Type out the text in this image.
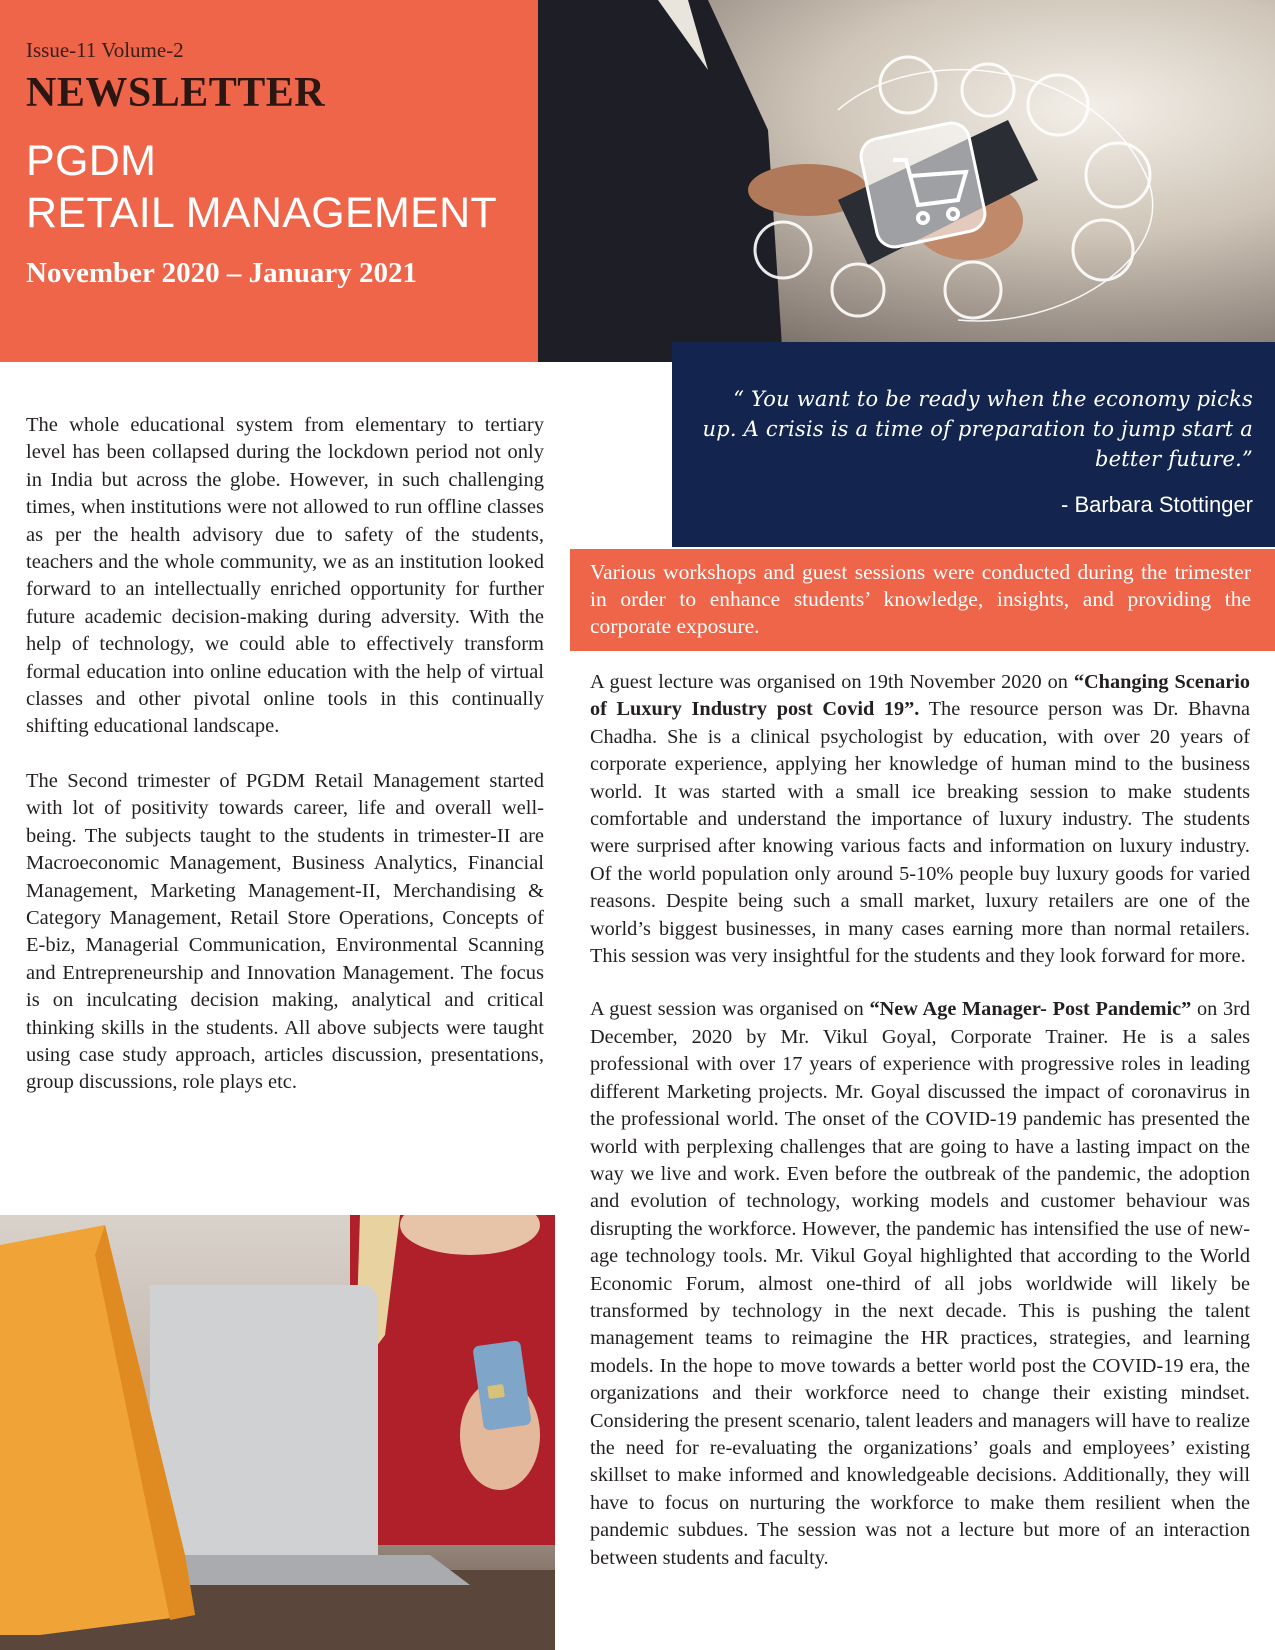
Issue-11 Volume-2
NEWSLETTER
PGDM
RETAIL MANAGEMENT
November 2020 – January 2021
“ You want to be ready when the economy picks up. A crisis is a time of preparation to jump start a better future.”
- Barbara Stottinger
Various workshops and guest sessions were conducted during the trimester in order to enhance students’ knowledge, insights, and providing the corporate exposure.

The whole educational system from elementary to tertiary level has been collapsed during the lockdown period not only in India but across the globe. However, in such challenging times, when institutions were not allowed to run offline classes as per the health advisory due to safety of the students, teachers and the whole community, we as an institution looked forward to an intellectually enriched opportunity for further future academic decision-making during adversity. With the help of technology, we could able to effectively transform formal education into online education with the help of virtual classes and other pivotal online tools in this continually shifting educational landscape.

The Second trimester of PGDM Retail Management started with lot of positivity towards career, life and overall well-being. The subjects taught to the students in trimester-II are Macroeconomic Management, Business Analytics, Financial Management, Marketing Management-II, Merchandising & Category Management, Retail Store Operations, Concepts of E-biz, Managerial Communication, Environmental Scanning and Entrepreneurship and Innovation Management. The focus is on inculcating decision making, analytical and critical thinking skills in the students. All above subjects were taught using case study approach, articles discussion, presentations, group discussions, role plays etc.

A guest lecture was organised on 19th November 2020 on “Changing Scenario of Luxury Industry post Covid 19”. The resource person was Dr. Bhavna Chadha. She is a clinical psychologist by education, with over 20 years of corporate experience, applying her knowledge of human mind to the business world. It was started with a small ice breaking session to make students comfortable and understand the importance of luxury industry. The students were surprised after knowing various facts and information on luxury industry. Of the world population only around 5-10% people buy luxury goods for varied reasons. Despite being such a small market, luxury retailers are one of the world’s biggest businesses, in many cases earning more than normal retailers. This session was very insightful for the students and they look forward for more.

A guest session was organised on “New Age Manager- Post Pandemic” on 3rd December, 2020 by Mr. Vikul Goyal, Corporate Trainer. He is a sales professional with over 17 years of experience with progressive roles in leading different Marketing projects. Mr. Goyal discussed the impact of coronavirus in the professional world. The onset of the COVID-19 pandemic has presented the world with perplexing challenges that are going to have a lasting impact on the way we live and work. Even before the outbreak of the pandemic, the adoption and evolution of technology, working models and customer behaviour was disrupting the workforce. However, the pandemic has intensified the use of new-age technology tools. Mr. Vikul Goyal highlighted that according to the World Economic Forum, almost one-third of all jobs worldwide will likely be transformed by technology in the next decade. This is pushing the talent management teams to reimagine the HR practices, strategies, and learning models. In the hope to move towards a better world post the COVID-19 era, the organizations and their workforce need to change their existing mindset. Considering the present scenario, talent leaders and managers will have to realize the need for re-evaluating the organizations’ goals and employees’ existing skillset to make informed and knowledgeable decisions. Additionally, they will have to focus on nurturing the workforce to make them resilient when the pandemic subdues. The session was not a lecture but more of an interaction between students and faculty.
